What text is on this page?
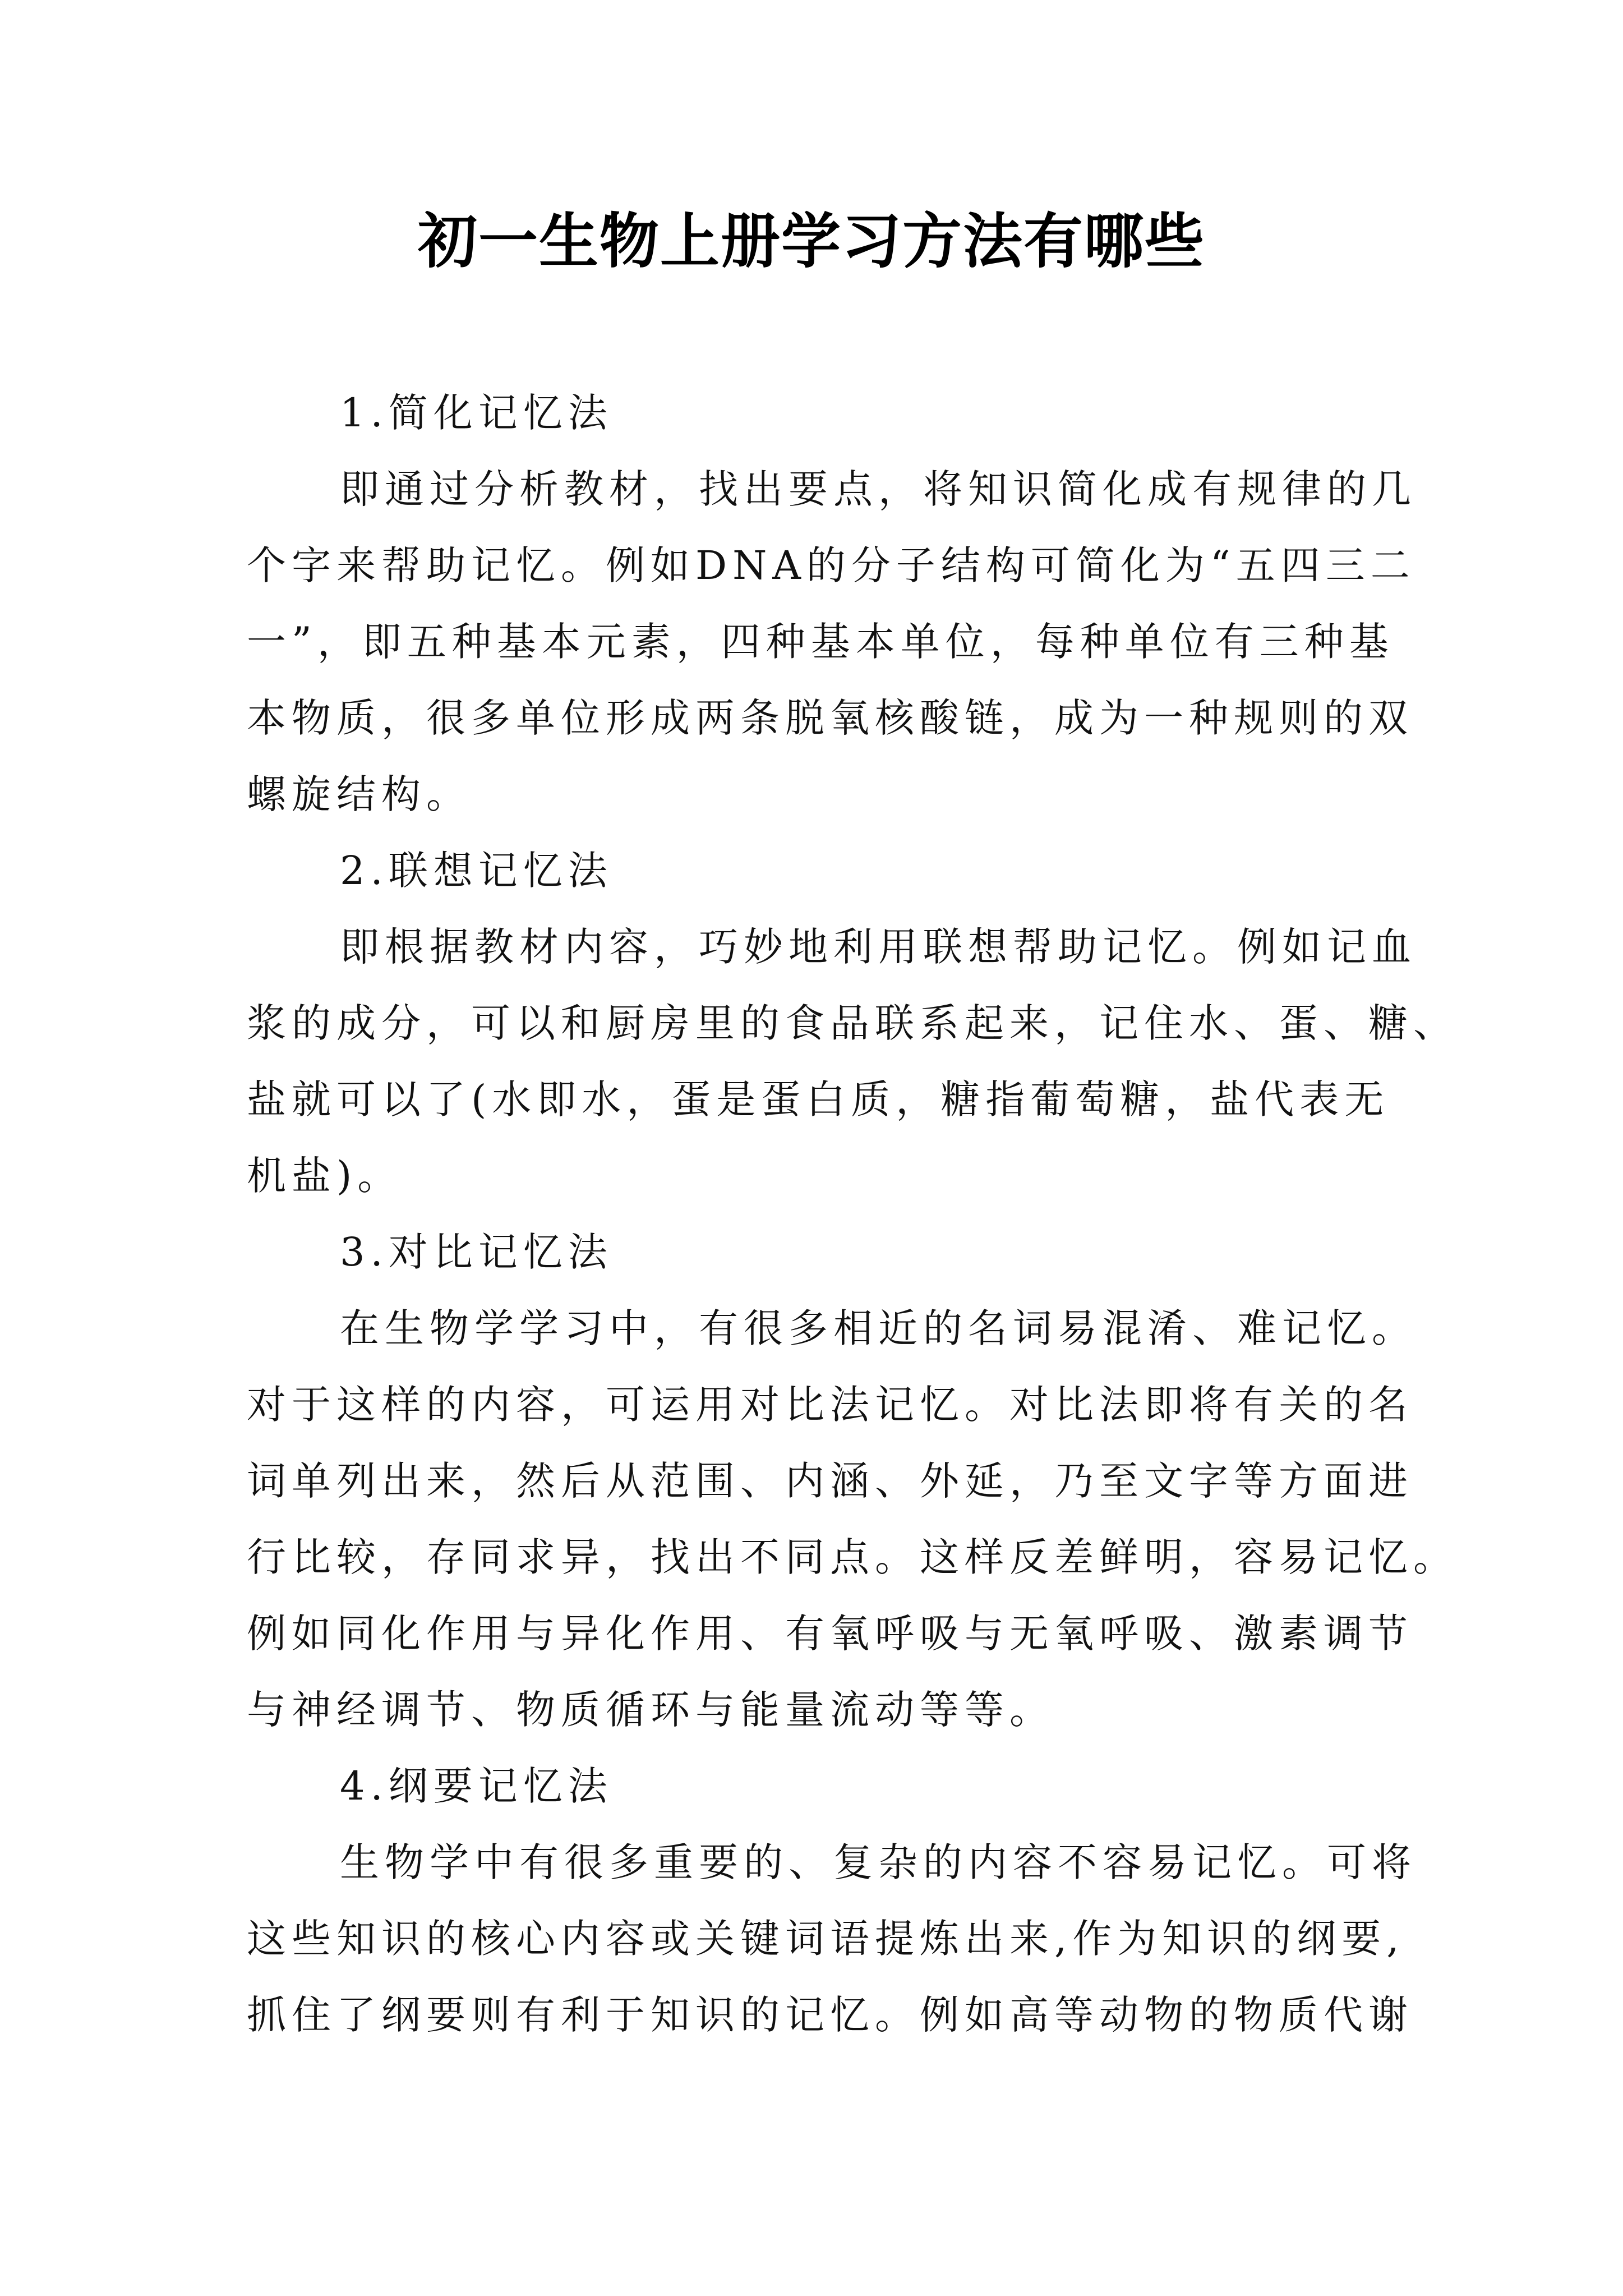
初一生物上册学习方法有哪些
1.简化记忆法
即通过分析教材，找出要点，将知识简化成有规律的几
个字来帮助记忆。例如DNA的分子结构可简化为“五四三二
一”，即五种基本元素，四种基本单位，每种单位有三种基
本物质，很多单位形成两条脱氧核酸链，成为一种规则的双
螺旋结构。
2.联想记忆法
即根据教材内容，巧妙地利用联想帮助记忆。例如记血
浆的成分，可以和厨房里的食品联系起来，记住水、蛋、糖、
盐就可以了(水即水，蛋是蛋白质，糖指葡萄糖，盐代表无
机盐)。
3.对比记忆法
在生物学学习中，有很多相近的名词易混淆、难记忆。
对于这样的内容，可运用对比法记忆。对比法即将有关的名
词单列出来，然后从范围、内涵、外延，乃至文字等方面进
行比较，存同求异，找出不同点。这样反差鲜明，容易记忆。
例如同化作用与异化作用、有氧呼吸与无氧呼吸、激素调节
与神经调节、物质循环与能量流动等等。
4.纲要记忆法
生物学中有很多重要的、复杂的内容不容易记忆。可将
这些知识的核心内容或关键词语提炼出来,作为知识的纲要,
抓住了纲要则有利于知识的记忆。例如高等动物的物质代谢
